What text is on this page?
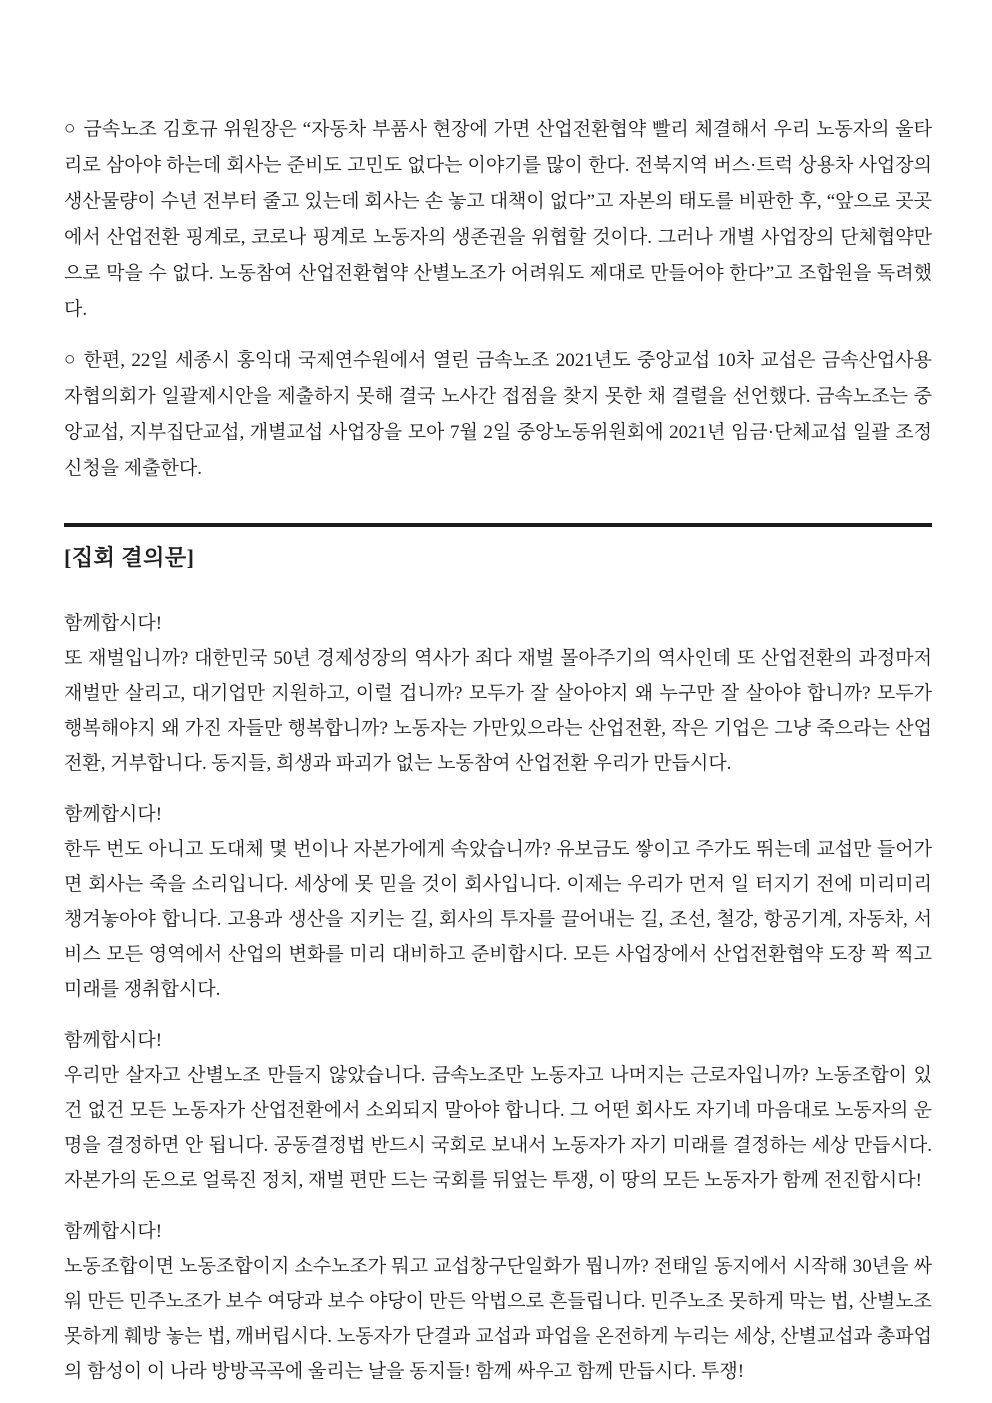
○ 금속노조 김호규 위원장은 “자동차 부품사 현장에 가면 산업전환협약 빨리 체결해서 우리 노동자의 울타리로 삼아야 하는데 회사는 준비도 고민도 없다는 이야기를 많이 한다. 전북지역 버스·트럭 상용차 사업장의 생산물량이 수년 전부터 줄고 있는데 회사는 손 놓고 대책이 없다”고 자본의 태도를 비판한 후, “앞으로 곳곳에서 산업전환 핑계로, 코로나 핑계로 노동자의 생존권을 위협할 것이다. 그러나 개별 사업장의 단체협약만으로 막을 수 없다. 노동참여 산업전환협약 산별노조가 어려워도 제대로 만들어야 한다”고 조합원을 독려했다.

○ 한편, 22일 세종시 홍익대 국제연수원에서 열린 금속노조 2021년도 중앙교섭 10차 교섭은 금속산업사용자협의회가 일괄제시안을 제출하지 못해 결국 노사간 접점을 찾지 못한 채 결렬을 선언했다. 금속노조는 중앙교섭, 지부집단교섭, 개별교섭 사업장을 모아 7월 2일 중앙노동위원회에 2021년 임금·단체교섭 일괄 조정신청을 제출한다.

[집회 결의문]
함께합시다!
또 재벌입니까? 대한민국 50년 경제성장의 역사가 죄다 재벌 몰아주기의 역사인데 또 산업전환의 과정마저 재벌만 살리고, 대기업만 지원하고, 이럴 겁니까? 모두가 잘 살아야지 왜 누구만 잘 살아야 합니까? 모두가 행복해야지 왜 가진 자들만 행복합니까? 노동자는 가만있으라는 산업전환, 작은 기업은 그냥 죽으라는 산업전환, 거부합니다. 동지들, 희생과 파괴가 없는 노동참여 산업전환 우리가 만듭시다.
함께합시다!
한두 번도 아니고 도대체 몇 번이나 자본가에게 속았습니까? 유보금도 쌓이고 주가도 뛰는데 교섭만 들어가면 회사는 죽을 소리입니다. 세상에 못 믿을 것이 회사입니다. 이제는 우리가 먼저 일 터지기 전에 미리미리 챙겨놓아야 합니다. 고용과 생산을 지키는 길, 회사의 투자를 끌어내는 길, 조선, 철강, 항공기계, 자동차, 서비스 모든 영역에서 산업의 변화를 미리 대비하고 준비합시다. 모든 사업장에서 산업전환협약 도장 꽉 찍고 미래를 쟁취합시다.
함께합시다!
우리만 살자고 산별노조 만들지 않았습니다. 금속노조만 노동자고 나머지는 근로자입니까? 노동조합이 있건 없건 모든 노동자가 산업전환에서 소외되지 말아야 합니다. 그 어떤 회사도 자기네 마음대로 노동자의 운명을 결정하면 안 됩니다. 공동결정법 반드시 국회로 보내서 노동자가 자기 미래를 결정하는 세상 만듭시다. 자본가의 돈으로 얼룩진 정치, 재벌 편만 드는 국회를 뒤엎는 투쟁, 이 땅의 모든 노동자가 함께 전진합시다!
함께합시다!
노동조합이면 노동조합이지 소수노조가 뭐고 교섭창구단일화가 뭡니까? 전태일 동지에서 시작해 30년을 싸워 만든 민주노조가 보수 여당과 보수 야당이 만든 악법으로 흔들립니다. 민주노조 못하게 막는 법, 산별노조 못하게 훼방 놓는 법, 깨버립시다. 노동자가 단결과 교섭과 파업을 온전하게 누리는 세상, 산별교섭과 총파업의 함성이 이 나라 방방곡곡에 울리는 날을 동지들! 함께 싸우고 함께 만듭시다. 투쟁!
